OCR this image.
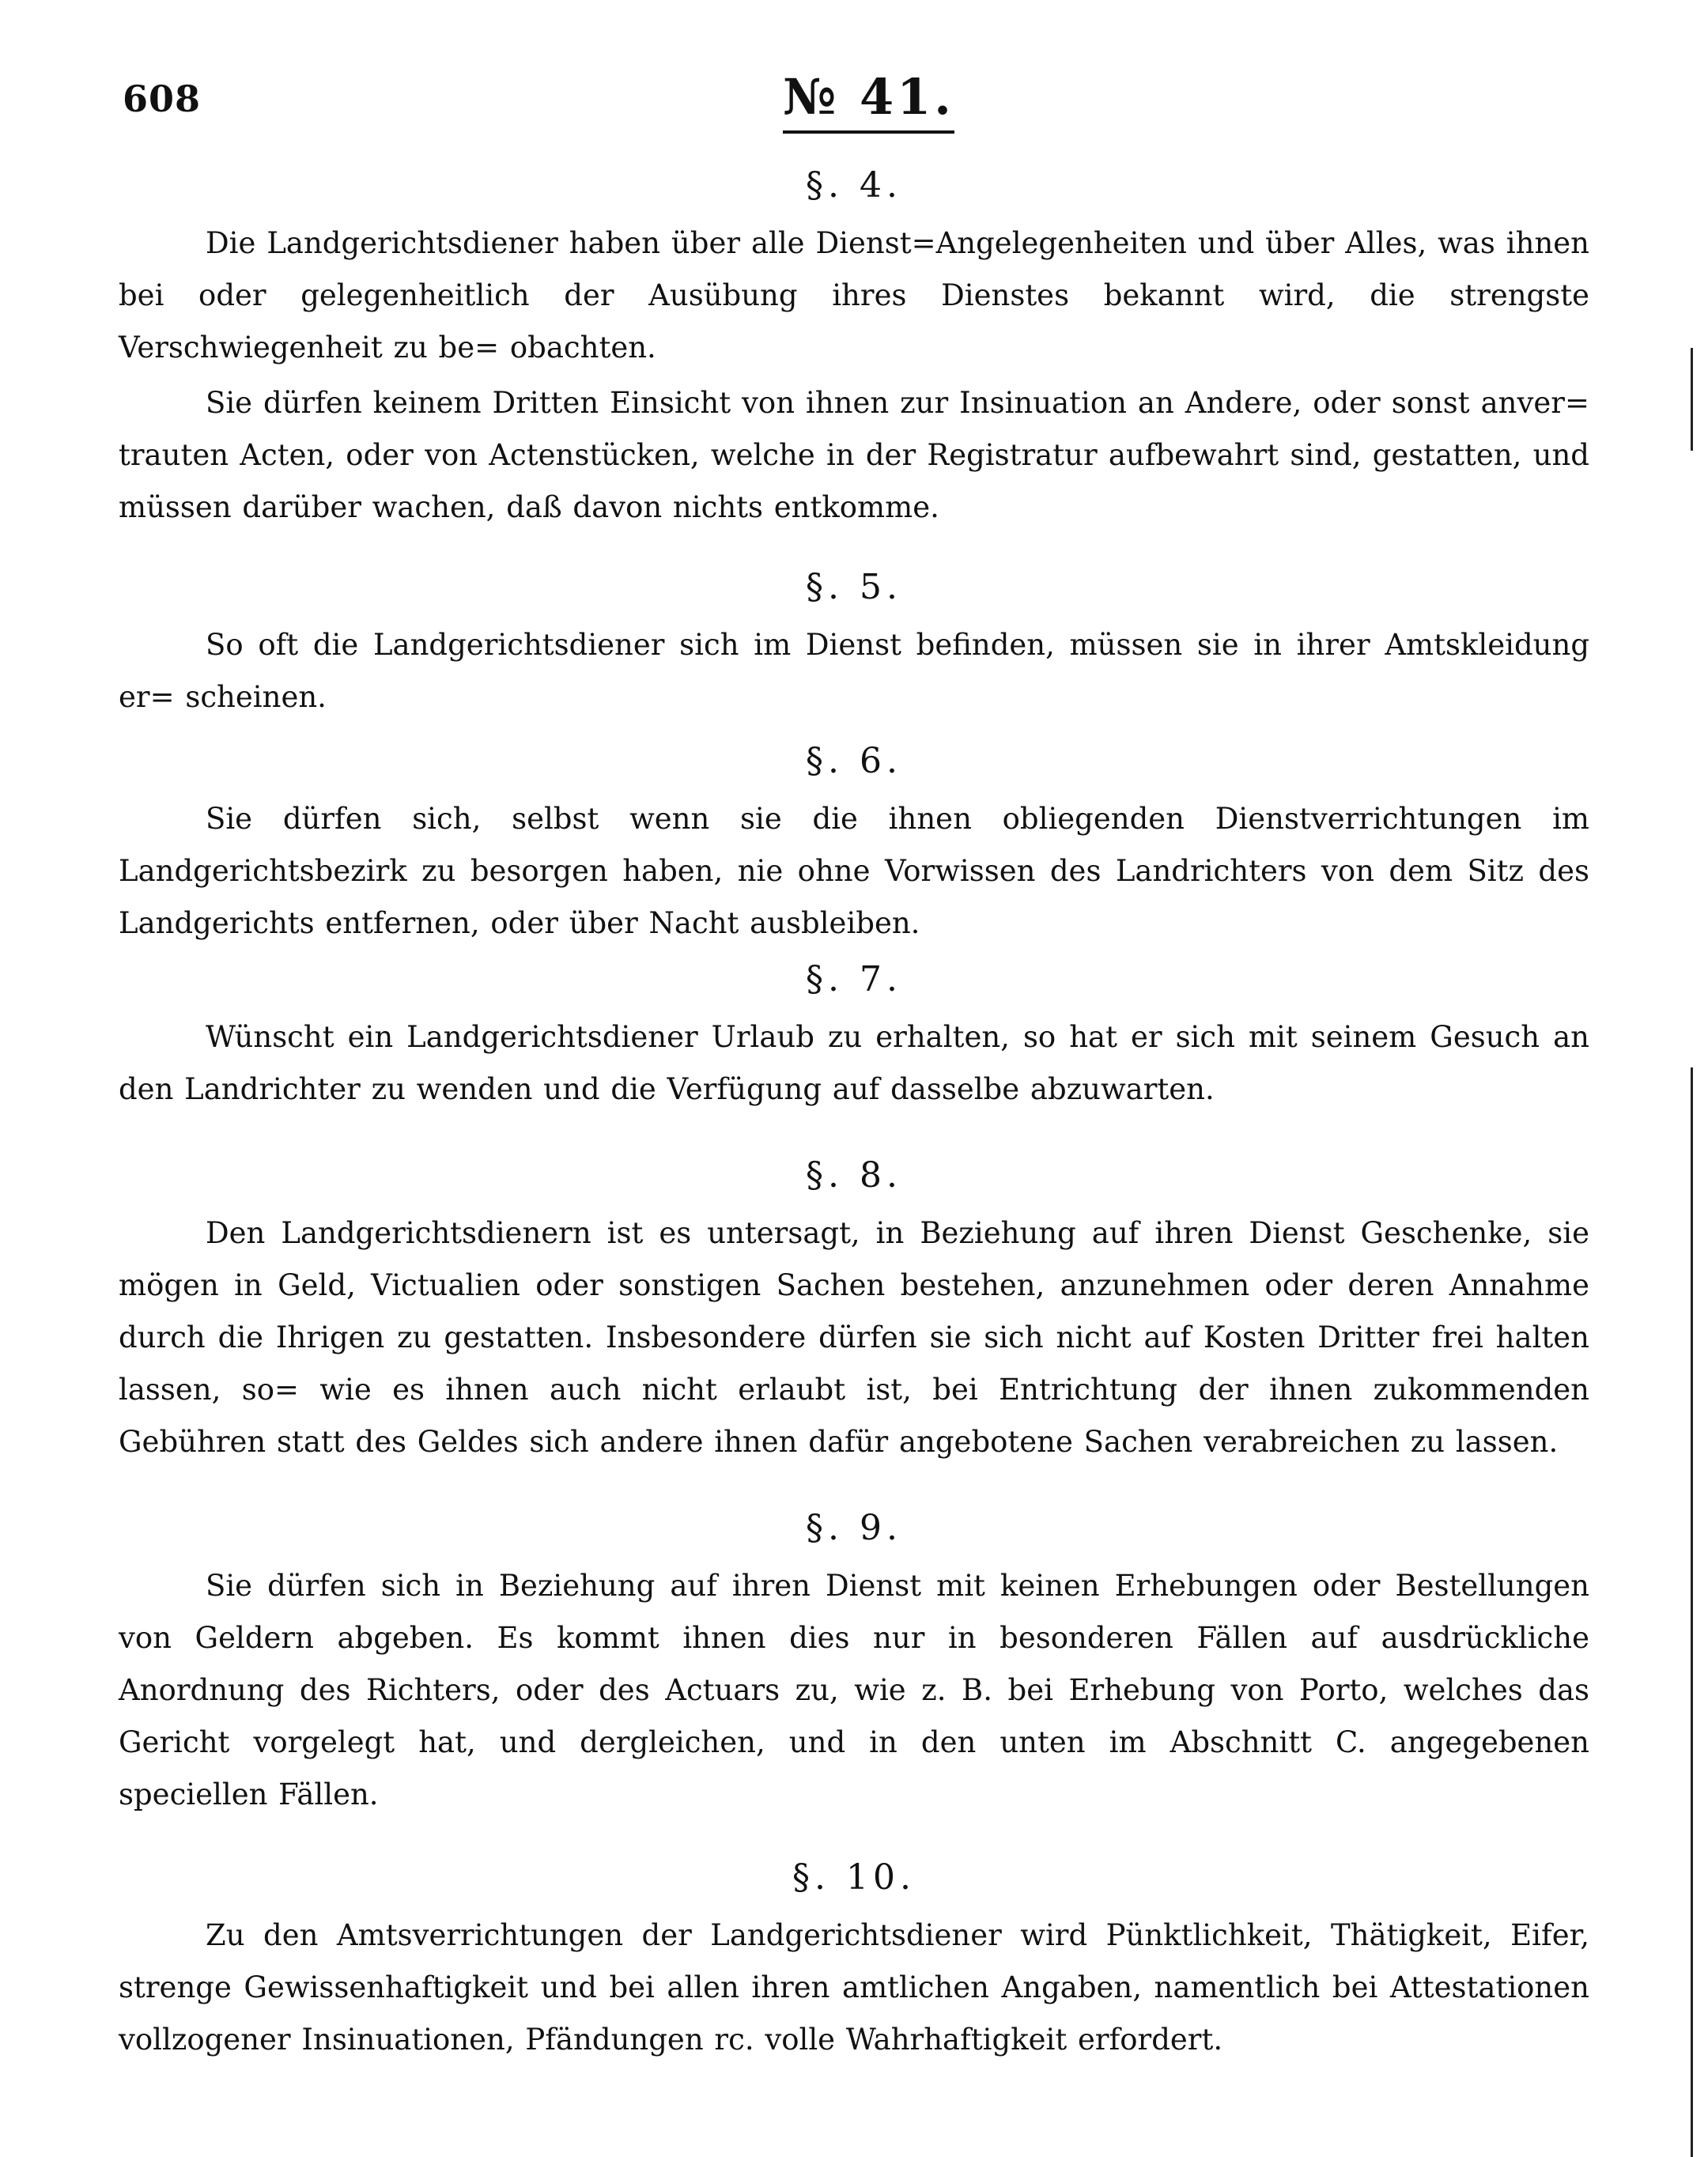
608	№ 41.
§. 4.

Die Landgerichtsdiener haben über alle Dienst=Angelegenheiten und über Alles, was ihnen bei oder gelegenheitlich der Ausübung ihres Dienstes bekannt wird, die strengste Verschwiegenheit zu be= obachten.

Sie dürfen keinem Dritten Einsicht von ihnen zur Insinuation an Andere, oder sonst anver= trauten Acten, oder von Actenstücken, welche in der Registratur aufbewahrt sind, gestatten, und müssen darüber wachen, daß davon nichts entkomme.

§. 5.

So oft die Landgerichtsdiener sich im Dienst befinden, müssen sie in ihrer Amtskleidung er= scheinen.

§. 6.

Sie dürfen sich, selbst wenn sie die ihnen obliegenden Dienstverrichtungen im Landgerichtsbezirk zu besorgen haben, nie ohne Vorwissen des Landrichters von dem Sitz des Landgerichts entfernen, oder über Nacht ausbleiben.

§. 7.

Wünscht ein Landgerichtsdiener Urlaub zu erhalten, so hat er sich mit seinem Gesuch an den Landrichter zu wenden und die Verfügung auf dasselbe abzuwarten.

§. 8.

Den Landgerichtsdienern ist es untersagt, in Beziehung auf ihren Dienst Geschenke, sie mögen in Geld, Victualien oder sonstigen Sachen bestehen, anzunehmen oder deren Annahme durch die Ihrigen zu gestatten. Insbesondere dürfen sie sich nicht auf Kosten Dritter frei halten lassen, so= wie es ihnen auch nicht erlaubt ist, bei Entrichtung der ihnen zukommenden Gebühren statt des Geldes sich andere ihnen dafür angebotene Sachen verabreichen zu lassen.

§. 9.

Sie dürfen sich in Beziehung auf ihren Dienst mit keinen Erhebungen oder Bestellungen von Geldern abgeben. Es kommt ihnen dies nur in besonderen Fällen auf ausdrückliche Anordnung des Richters, oder des Actuars zu, wie z. B. bei Erhebung von Porto, welches das Gericht vorgelegt hat, und dergleichen, und in den unten im Abschnitt C. angegebenen speciellen Fällen.

§. 10.

Zu den Amtsverrichtungen der Landgerichtsdiener wird Pünktlichkeit, Thätigkeit, Eifer, strenge Gewissenhaftigkeit und bei allen ihren amtlichen Angaben, namentlich bei Attestationen vollzogener Insinuationen, Pfändungen rc. volle Wahrhaftigkeit erfordert.
